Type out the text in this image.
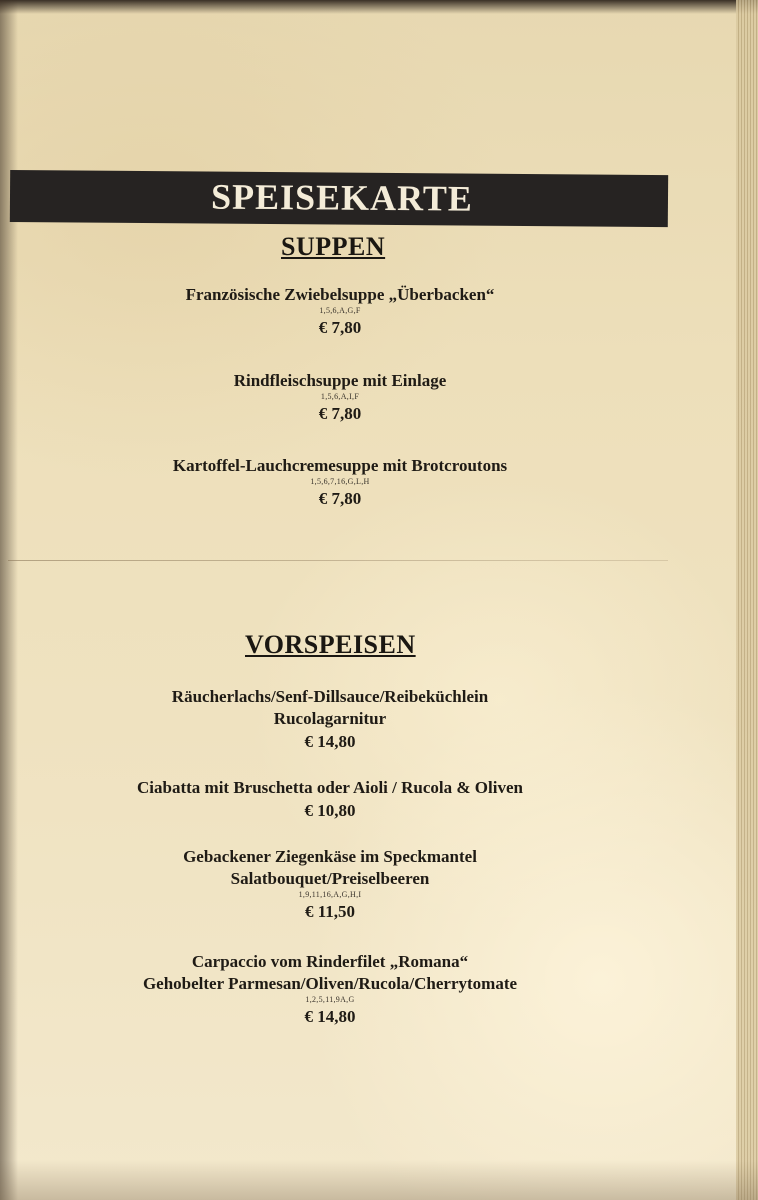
SPEISEKARTE
SUPPEN
Französische Zwiebelsuppe „Überbacken“
1,5,6,A,G,F
€ 7,80
Rindfleischsuppe mit Einlage
1,5,6,A,I,F
€ 7,80
Kartoffel-Lauchcremesuppe mit Brotcroutons
1,5,6,7,16,G,L,H
€ 7,80
VORSPEISEN
Räucherlachs/Senf-Dillsauce/Reibeküchlein
Rucolagarnitur
€ 14,80
Ciabatta mit Bruschetta oder Aioli / Rucola & Oliven
€ 10,80
Gebackener Ziegenkäse im Speckmantel
Salatbouquet/Preiselbeeren
1,9,11,16,A,G,H,I
€ 11,50
Carpaccio vom Rinderfilet „Romana“
Gehobelter Parmesan/Oliven/Rucola/Cherrytomate
1,2,5,11,9A,G
€ 14,80
